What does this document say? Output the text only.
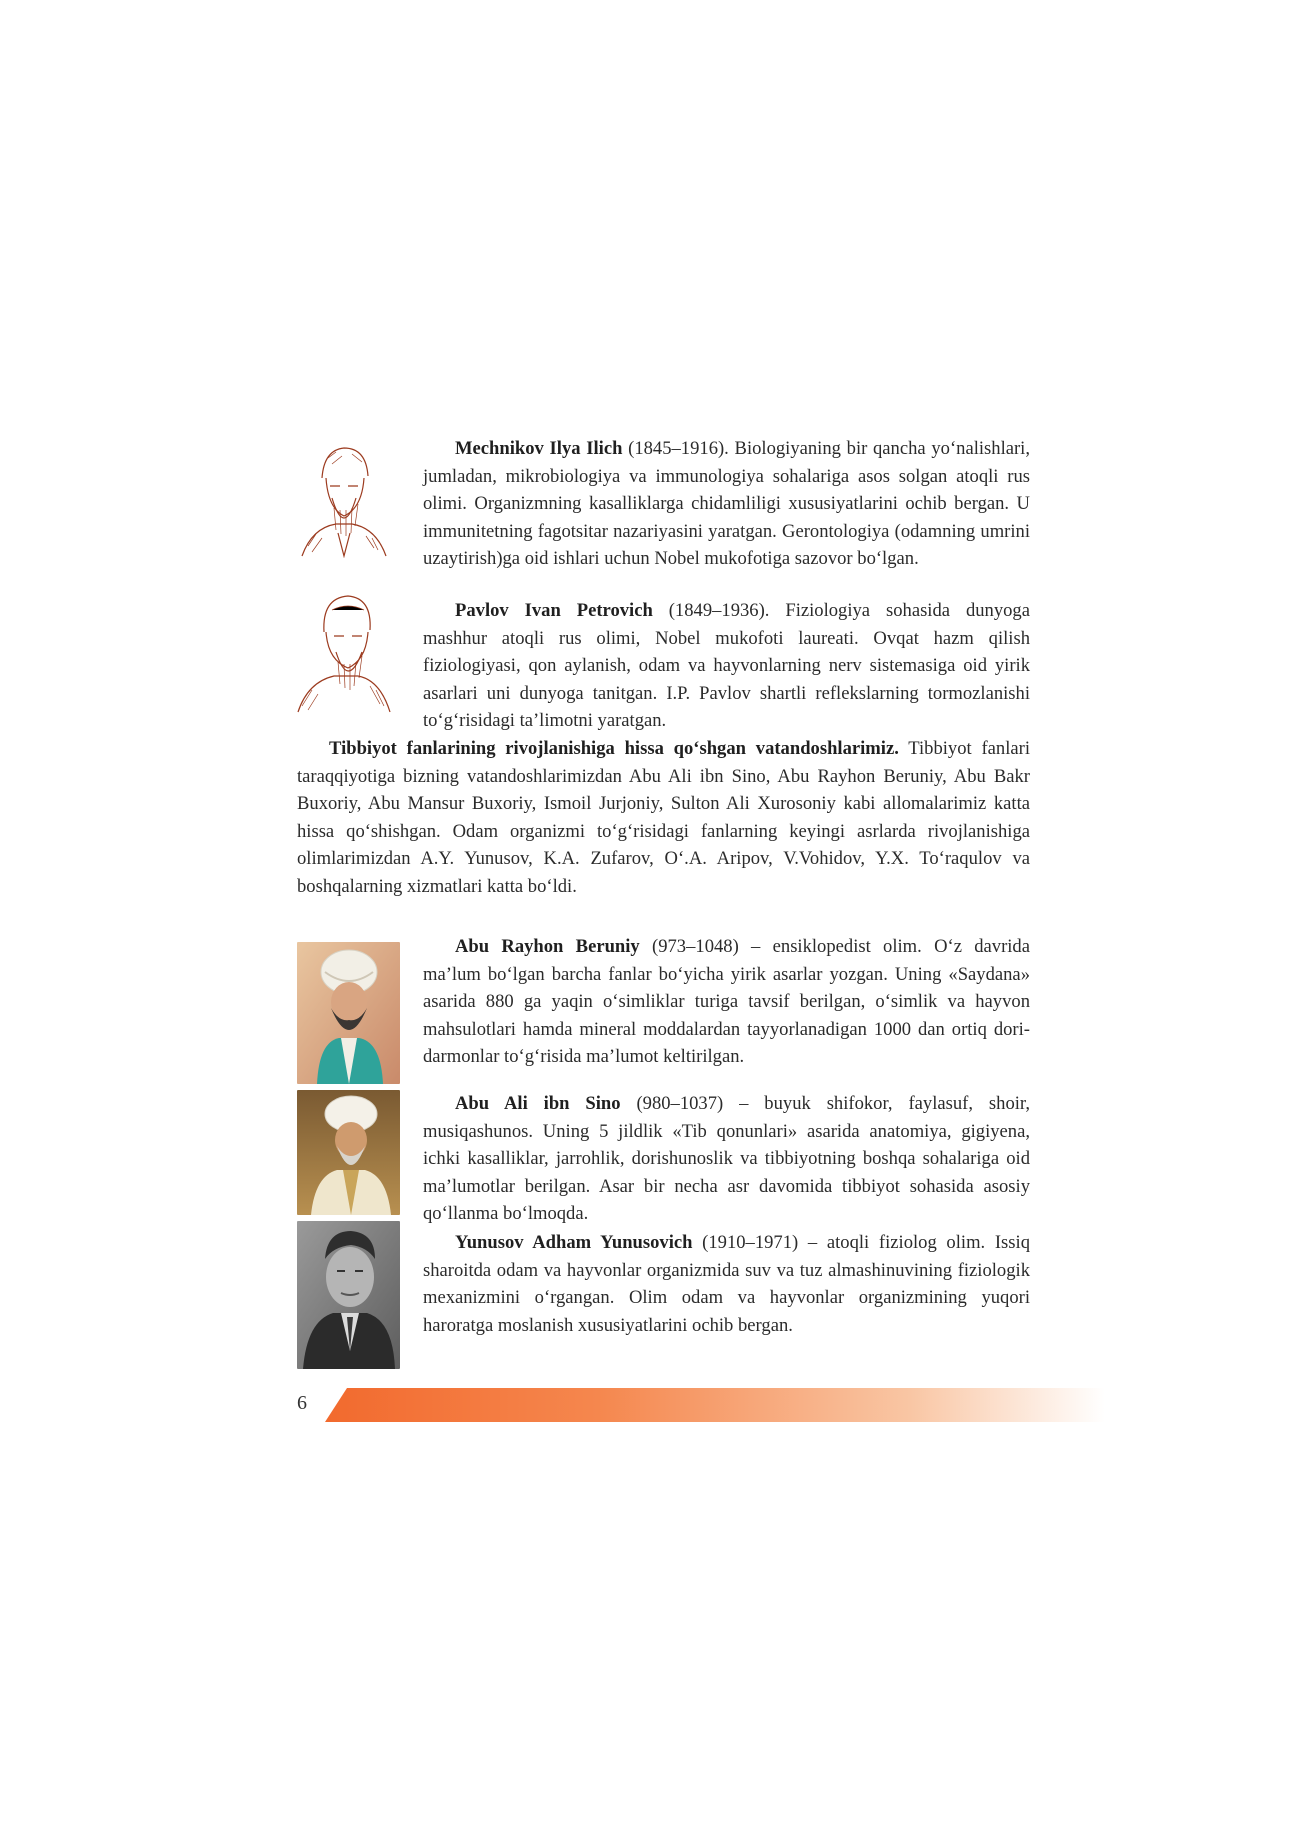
Mechnikov Ilya Ilich (1845–1916). Biologiyaning bir qancha yo‘nalishlari, jumladan, mikrobiologiya va immunologiya sohalariga asos solgan atoqli rus olimi. Organizmning kasalliklarga chidamliligi xususiyatlarini ochib bergan. U immunitetning fagotsitar nazariyasini yaratgan. Gerontologiya (odamning umrini uzaytirish)ga oid ishlari uchun Nobel mukofotiga sazovor bo‘lgan.

Pavlov Ivan Petrovich (1849–1936). Fiziologiya sohasida dunyoga mashhur atoqli rus olimi, Nobel mukofoti laureati. Ovqat hazm qilish fiziologiyasi, qon aylanish, odam va hayvonlarning nerv sistemasiga oid yirik asarlari uni dunyoga tanitgan. I.P. Pavlov shartli reflekslarning tormozlanishi to‘g‘risidagi ta’limotni yaratgan.

Tibbiyot fanlarining rivojlanishiga hissa qo‘shgan vatandoshlarimiz. Tibbiyot fanlari taraqqiyotiga bizning vatandoshlarimizdan Abu Ali ibn Sino, Abu Rayhon Beruniy, Abu Bakr Buxoriy, Abu Mansur Buxoriy, Ismoil Jurjoniy, Sulton Ali Xurosoniy kabi allomalarimiz katta hissa qo‘shishgan. Odam organizmi to‘g‘risidagi fanlarning keyingi asrlarda rivojlanishiga olimlarimizdan A.Y. Yunusov, K.A. Zufarov, O‘.A. Aripov, V.Vohidov, Y.X. To‘raqulov va boshqalarning xizmatlari katta bo‘ldi.

Abu Rayhon Beruniy (973–1048) – ensiklopedist olim. O‘z davrida ma’lum bo‘lgan barcha fanlar bo‘yicha yirik asarlar yozgan. Uning «Saydana» asarida 880 ga yaqin o‘simliklar turiga tavsif berilgan, o‘simlik va hayvon mahsulotlari hamda mineral moddalardan tayyorlanadigan 1000 dan ortiq dori-darmonlar to‘g‘risida ma’lumot keltirilgan.

Abu Ali ibn Sino (980–1037) – buyuk shifokor, faylasuf, shoir, musiqashunos. Uning 5 jildlik «Tib qonunlari» asarida anatomiya, gigiyena, ichki kasalliklar, jarrohlik, dorishunoslik va tibbiyotning boshqa sohalariga oid ma’lumotlar berilgan. Asar bir necha asr davomida tibbiyot sohasida asosiy qo‘llanma bo‘lmoqda.

Yunusov Adham Yunusovich (1910–1971) – atoqli fiziolog olim. Issiq sharoitda odam va hayvonlar organizmida suv va tuz almashinuvining fiziologik mexanizmini o‘rgangan. Olim odam va hayvonlar organizmining yuqori haroratga moslanish xususiyatlarini ochib bergan.

6
